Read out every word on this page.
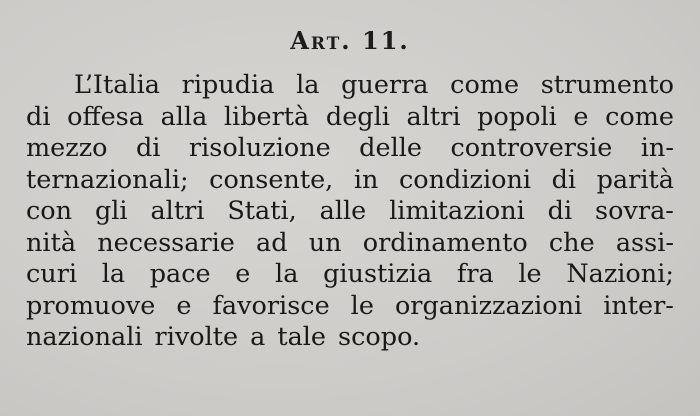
Art. 11.
L’Italia ripudia la guerra come strumento
di offesa alla libertà degli altri popoli e come
mezzo di risoluzione delle controversie in-
ternazionali; consente, in condizioni di parità
con gli altri Stati, alle limitazioni di sovra-
nità necessarie ad un ordinamento che assi-
curi la pace e la giustizia fra le Nazioni;
promuove e favorisce le organizzazioni inter-
nazionali rivolte a tale scopo.
